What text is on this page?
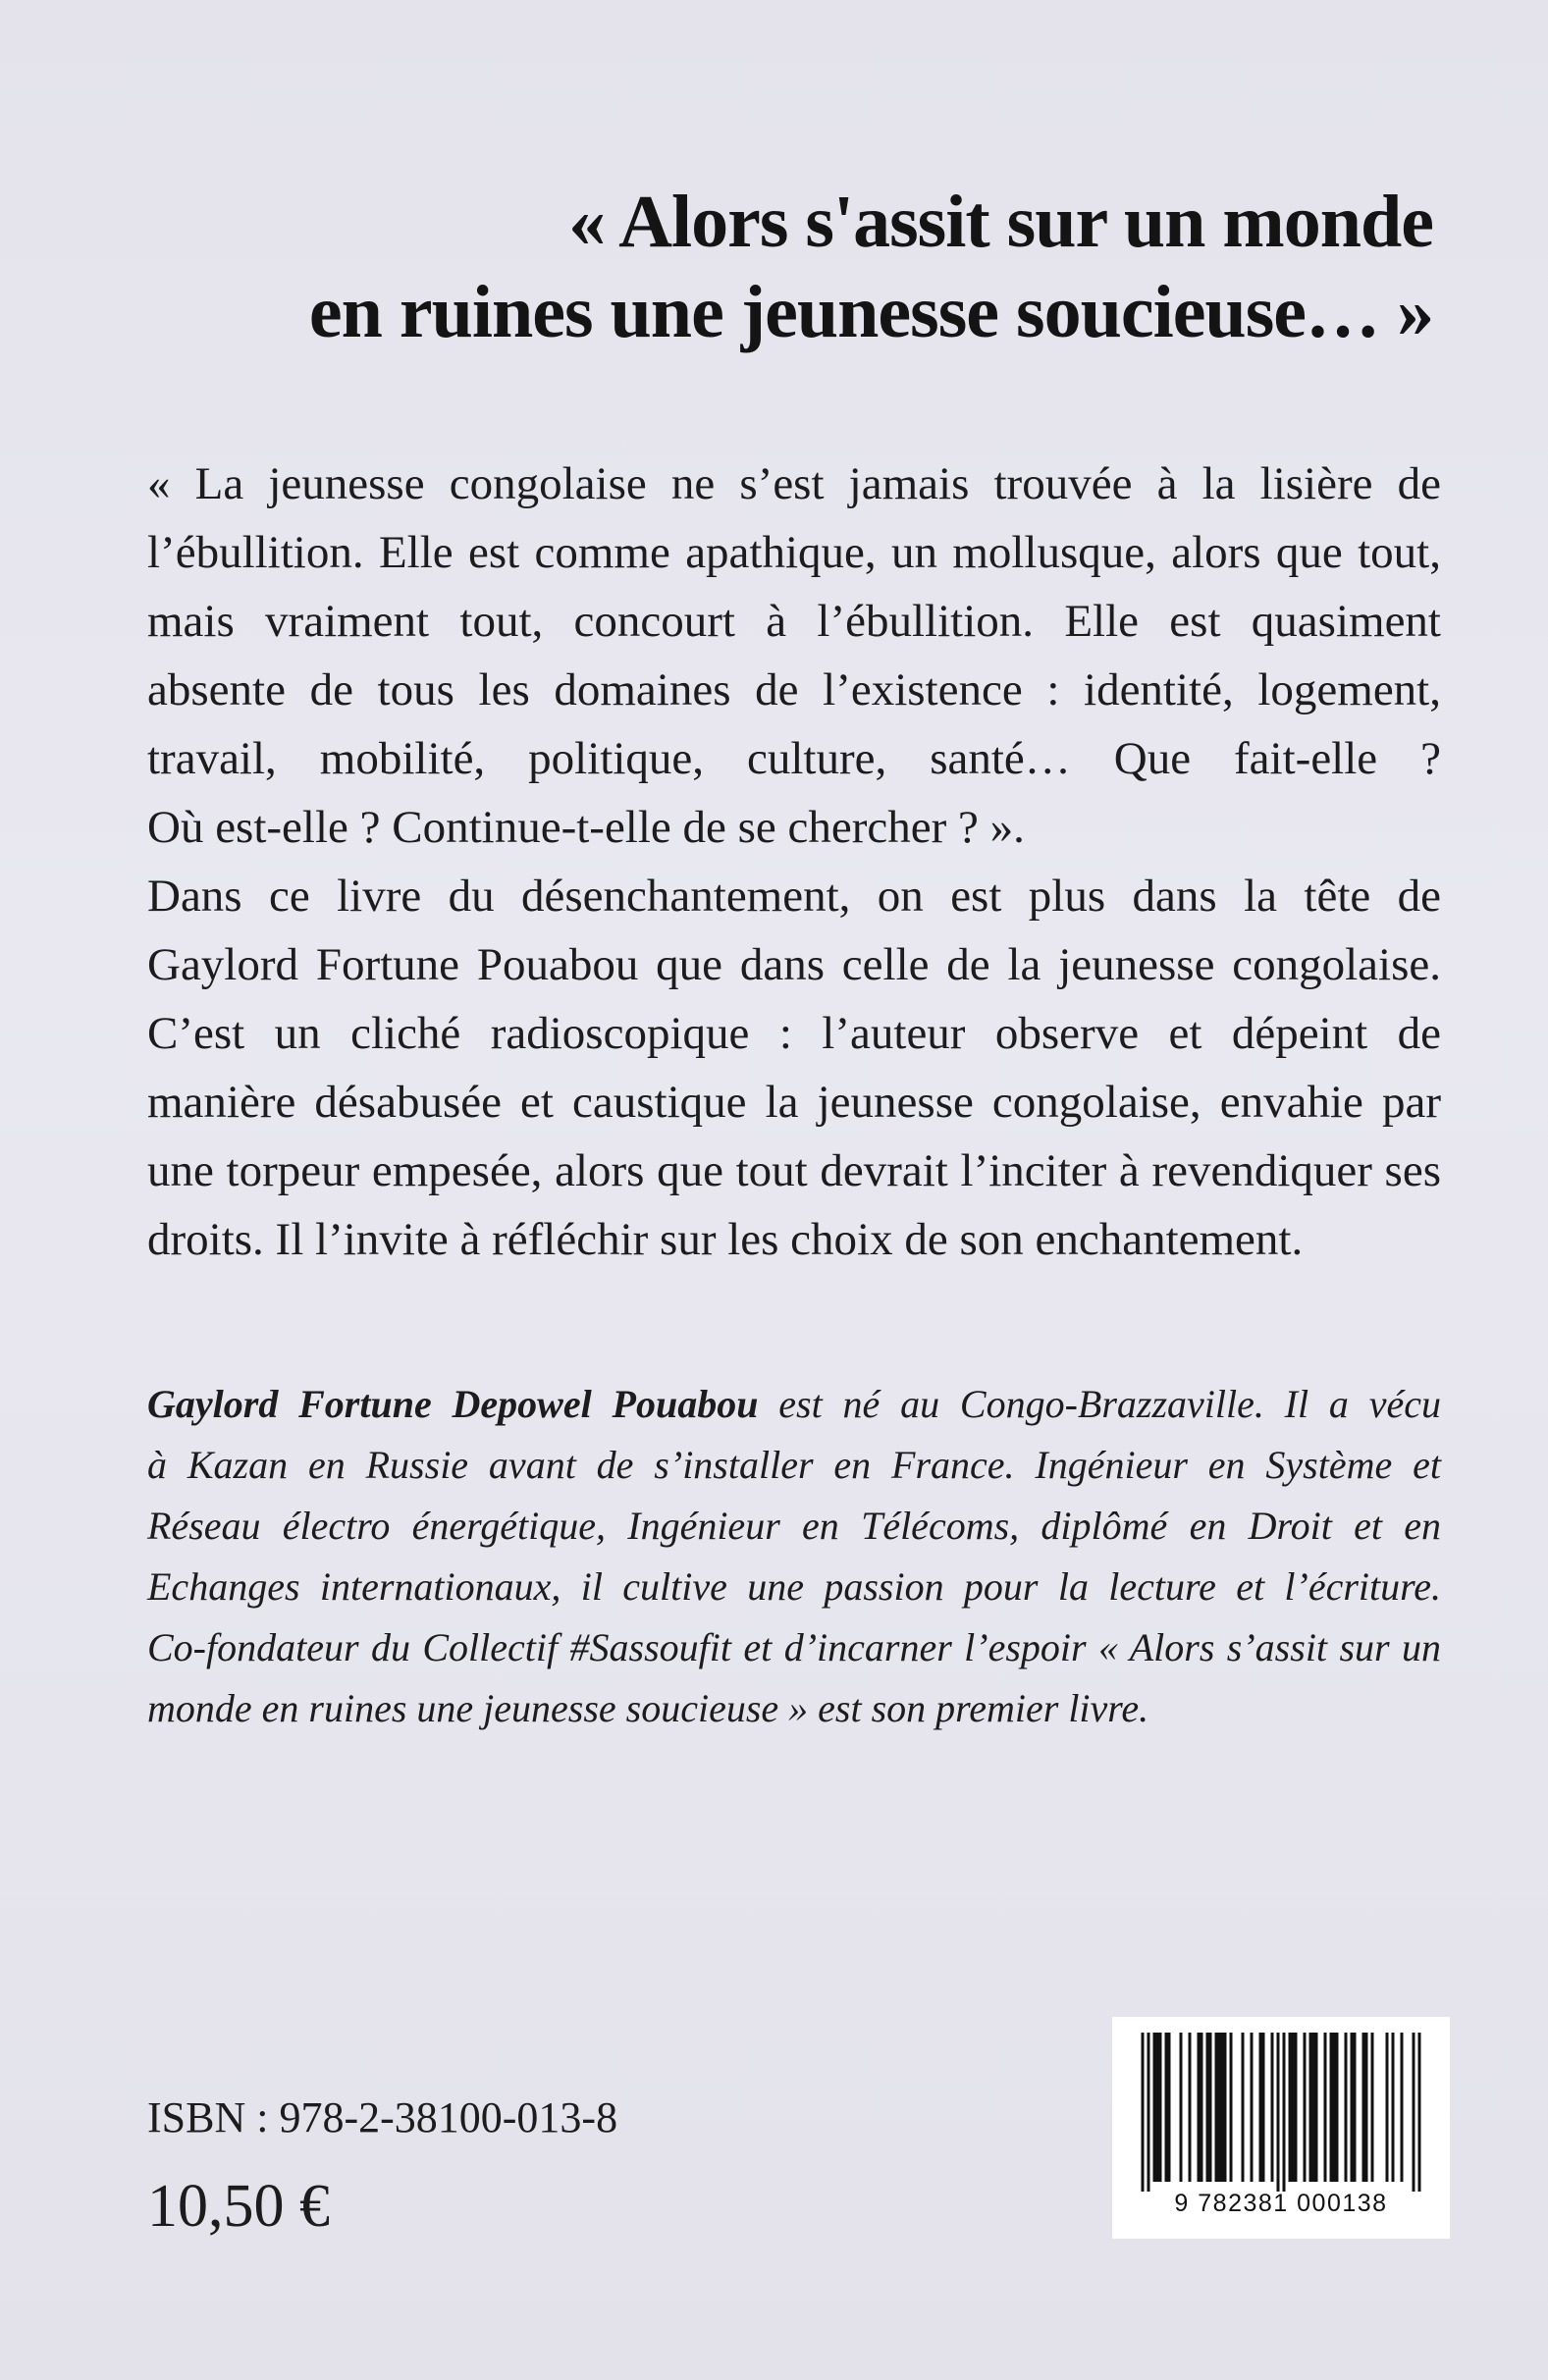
« Alors s'assit sur un monde
en ruines une jeunesse soucieuse… »

« La jeunesse congolaise ne s’est jamais trouvée à la lisière de
l’ébullition. Elle est comme apathique, un mollusque, alors que tout,
mais vraiment tout, concourt à l’ébullition. Elle est quasiment
absente de tous les domaines de l’existence : identité, logement,
travail, mobilité, politique, culture, santé… Que fait-elle ?
Où est-elle ? Continue-t-elle de se chercher ? ».
Dans ce livre du désenchantement, on est plus dans la tête de
Gaylord Fortune Pouabou que dans celle de la jeunesse congolaise.
C’est un cliché radioscopique : l’auteur observe et dépeint de
manière désabusée et caustique la jeunesse congolaise, envahie par
une torpeur empesée, alors que tout devrait l’inciter à revendiquer ses
droits. Il l’invite à réfléchir sur les choix de son enchantement.

Gaylord Fortune Depowel Pouabou est né au Congo-Brazzaville. Il a vécu
à Kazan en Russie avant de s’installer en France. Ingénieur en Système et
Réseau électro énergétique, Ingénieur en Télécoms, diplômé en Droit et en
Echanges internationaux, il cultive une passion pour la lecture et l’écriture.
Co-fondateur du Collectif #Sassoufit et d’incarner l’espoir « Alors s’assit sur un
monde en ruines une jeunesse soucieuse » est son premier livre.
ISBN : 978-2-38100-013-8
10,50 €	9 782381 000138
